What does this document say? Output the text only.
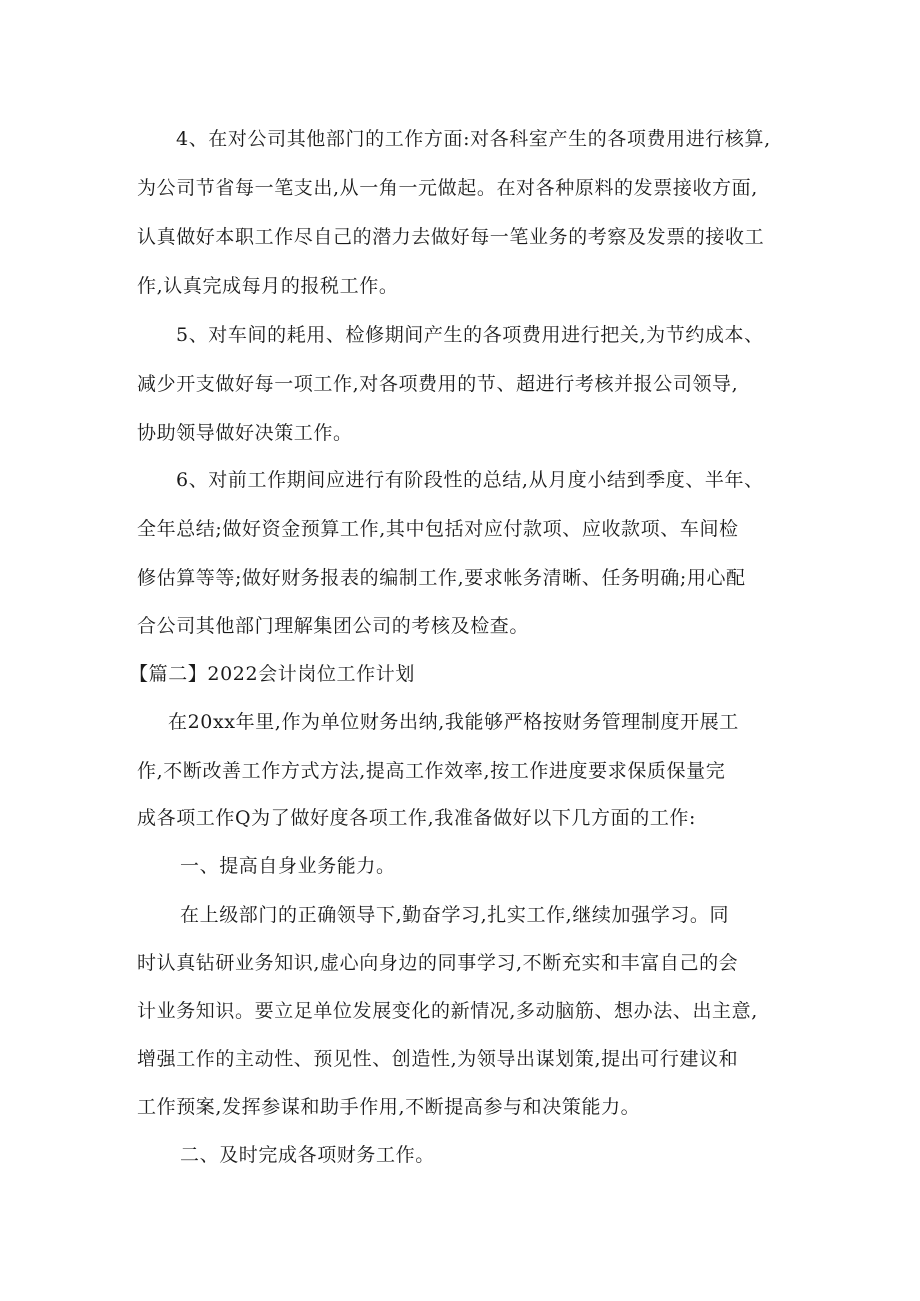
4、在对公司其他部门的工作方面:对各科室产生的各项费用进行核算,
为公司节省每一笔支出,从一角一元做起。在对各种原料的发票接收方面,
认真做好本职工作尽自己的潜力去做好每一笔业务的考察及发票的接收工
作,认真完成每月的报税工作。
5、对车间的耗用、检修期间产生的各项费用进行把关,为节约成本、
减少开支做好每一项工作,对各项费用的节、超进行考核并报公司领导,
协助领导做好决策工作。
6、对前工作期间应进行有阶段性的总结,从月度小结到季度、半年、
全年总结;做好资金预算工作,其中包括对应付款项、应收款项、车间检
修估算等等;做好财务报表的编制工作,要求帐务清晰、任务明确;用心配
合公司其他部门理解集团公司的考核及检查。
【篇二】2022会计岗位工作计划
在20xx年里,作为单位财务出纳,我能够严格按财务管理制度开展工
作,不断改善工作方式方法,提高工作效率,按工作进度要求保质保量完
成各项工作Q为了做好度各项工作,我准备做好以下几方面的工作:
一、提高自身业务能力。
在上级部门的正确领导下,勤奋学习,扎实工作,继续加强学习。同
时认真钻研业务知识,虚心向身边的同事学习,不断充实和丰富自己的会
计业务知识。要立足单位发展变化的新情况,多动脑筋、想办法、出主意,
增强工作的主动性、预见性、创造性,为领导出谋划策,提出可行建议和
工作预案,发挥参谋和助手作用,不断提高参与和决策能力。
二、及时完成各项财务工作。
